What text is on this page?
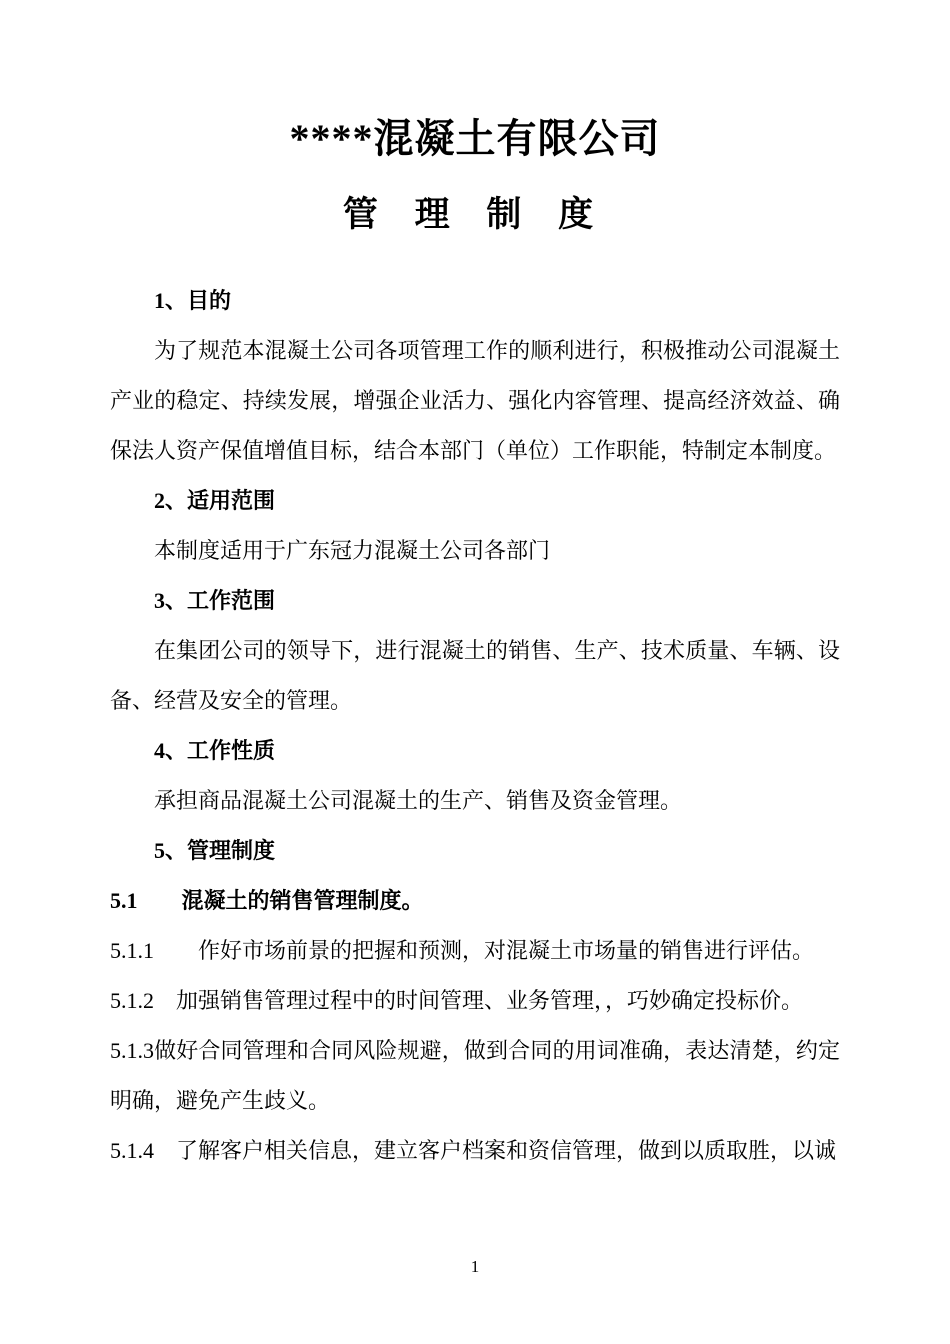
****混凝土有限公司
管 理 制 度
1、目的
为了规范本混凝土公司各项管理工作的顺利进行，积极推动公司混凝土产业的稳定、持续发展，增强企业活力、强化内容管理、提高经济效益、确保法人资产保值增值目标，结合本部门（单位）工作职能，特制定本制度。
2、适用范围
本制度适用于广东冠力混凝土公司各部门
3、工作范围
在集团公司的领导下，进行混凝土的销售、生产、技术质量、车辆、设备、经营及安全的管理。
4、工作性质
承担商品混凝土公司混凝土的生产、销售及资金管理。
5、管理制度
5.1　　混凝土的销售管理制度。
5.1.1　　作好市场前景的把握和预测，对混凝土市场量的销售进行评估。
5.1.2　加强销售管理过程中的时间管理、业务管理，，巧妙确定投标价。
5.1.3做好合同管理和合同风险规避，做到合同的用词准确，表达清楚，约定明确，避免产生歧义。
5.1.4　了解客户相关信息，建立客户档案和资信管理，做到以质取胜，以诚
1
